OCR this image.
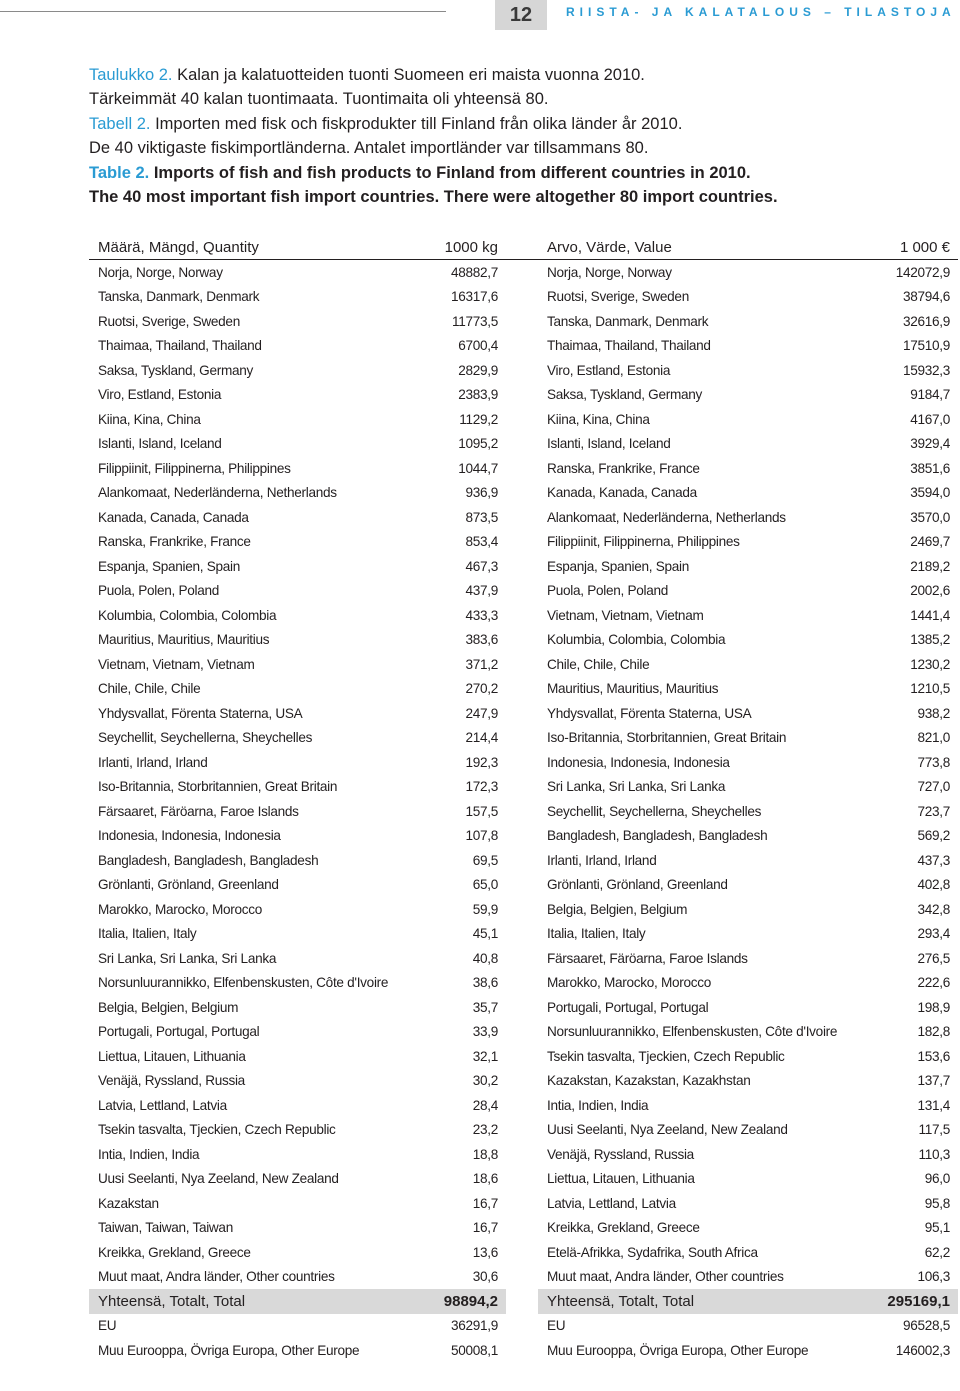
12	RIISTA- JA KALATALOUS – TILASTOJA
Taulukko 2. Kalan ja kalatuotteiden tuonti Suomeen eri maista vuonna 2010.
Tärkeimmät 40 kalan tuontimaata. Tuontimaita oli yhteensä 80.
Tabell 2. Importen med fisk och fiskprodukter till Finland från olika länder år 2010.
De 40 viktigaste fiskimportländerna. Antalet importländer var tillsammans 80.
Table 2. Imports of fish and fish products to Finland from different countries in 2010.
The 40 most important fish import countries. There were altogether 80 import countries.
Määrä, Mängd, Quantity	1000 kg		Arvo, Värde, Value	1 000 €
Norja, Norge, Norway	48882,7		Norja, Norge, Norway	142072,9
Tanska, Danmark, Denmark	16317,6		Ruotsi, Sverige, Sweden	38794,6
Ruotsi, Sverige, Sweden	11773,5		Tanska, Danmark, Denmark	32616,9
Thaimaa, Thailand, Thailand	6700,4		Thaimaa, Thailand, Thailand	17510,9
Saksa, Tyskland, Germany	2829,9		Viro, Estland, Estonia	15932,3
Viro, Estland, Estonia	2383,9		Saksa, Tyskland, Germany	9184,7
Kiina, Kina, China	1129,2		Kiina, Kina, China	4167,0
Islanti, Island, Iceland	1095,2		Islanti, Island, Iceland	3929,4
Filippiinit, Filippinerna, Philippines	1044,7		Ranska, Frankrike, France	3851,6
Alankomaat, Nederländerna, Netherlands	936,9		Kanada, Kanada, Canada	3594,0
Kanada, Canada, Canada	873,5		Alankomaat, Nederländerna, Netherlands	3570,0
Ranska, Frankrike, France	853,4		Filippiinit, Filippinerna, Philippines	2469,7
Espanja, Spanien, Spain	467,3		Espanja, Spanien, Spain	2189,2
Puola, Polen, Poland	437,9		Puola, Polen, Poland	2002,6
Kolumbia, Colombia, Colombia	433,3		Vietnam, Vietnam, Vietnam	1441,4
Mauritius, Mauritius, Mauritius	383,6		Kolumbia, Colombia, Colombia	1385,2
Vietnam, Vietnam, Vietnam	371,2		Chile, Chile, Chile	1230,2
Chile, Chile, Chile	270,2		Mauritius, Mauritius, Mauritius	1210,5
Yhdysvallat, Förenta Staterna, USA	247,9		Yhdysvallat, Förenta Staterna, USA	938,2
Seychellit, Seychellerna, Sheychelles	214,4		Iso-Britannia, Storbritannien, Great Britain	821,0
Irlanti, Irland, Irland	192,3		Indonesia, Indonesia, Indonesia	773,8
Iso-Britannia, Storbritannien, Great Britain	172,3		Sri Lanka, Sri Lanka, Sri Lanka	727,0
Färsaaret, Färöarna, Faroe Islands	157,5		Seychellit, Seychellerna, Sheychelles	723,7
Indonesia, Indonesia, Indonesia	107,8		Bangladesh, Bangladesh, Bangladesh	569,2
Bangladesh, Bangladesh, Bangladesh	69,5		Irlanti, Irland, Irland	437,3
Grönlanti, Grönland, Greenland	65,0		Grönlanti, Grönland, Greenland	402,8
Marokko, Marocko, Morocco	59,9		Belgia, Belgien, Belgium	342,8
Italia, Italien, Italy	45,1		Italia, Italien, Italy	293,4
Sri Lanka, Sri Lanka, Sri Lanka	40,8		Färsaaret, Färöarna, Faroe Islands	276,5
Norsunluurannikko, Elfenbenskusten, Côte d'Ivoire	38,6		Marokko, Marocko, Morocco	222,6
Belgia, Belgien, Belgium	35,7		Portugali, Portugal, Portugal	198,9
Portugali, Portugal, Portugal	33,9		Norsunluurannikko, Elfenbenskusten, Côte d'Ivoire	182,8
Liettua, Litauen, Lithuania	32,1		Tsekin tasvalta, Tjeckien, Czech Republic	153,6
Venäjä, Ryssland, Russia	30,2		Kazakstan, Kazakstan, Kazakhstan	137,7
Latvia, Lettland, Latvia	28,4		Intia, Indien, India	131,4
Tsekin tasvalta, Tjeckien, Czech Republic	23,2		Uusi Seelanti, Nya Zeeland, New Zealand	117,5
Intia, Indien, India	18,8		Venäjä, Ryssland, Russia	110,3
Uusi Seelanti, Nya Zeeland, New Zealand	18,6		Liettua, Litauen, Lithuania	96,0
Kazakstan	16,7		Latvia, Lettland, Latvia	95,8
Taiwan, Taiwan, Taiwan	16,7		Kreikka, Grekland, Greece	95,1
Kreikka, Grekland, Greece	13,6		Etelä-Afrikka, Sydafrika, South Africa	62,2
Muut maat, Andra länder, Other countries	30,6		Muut maat, Andra länder, Other countries	106,3
Yhteensä, Totalt, Total	98894,2		Yhteensä, Totalt, Total	295169,1
EU	36291,9		EU	96528,5
Muu Eurooppa, Övriga Europa, Other Europe	50008,1		Muu Eurooppa, Övriga Europa, Other Europe	146002,3
